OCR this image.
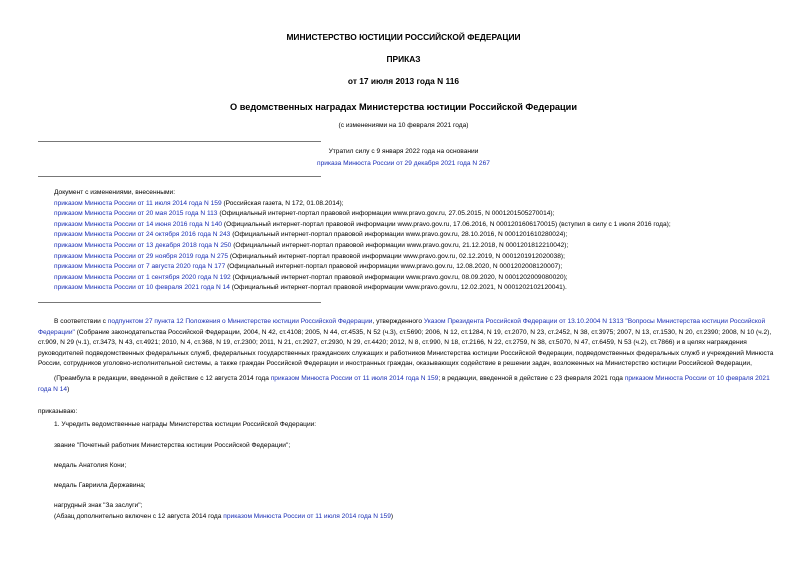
МИНИСТЕРСТВО ЮСТИЦИИ РОССИЙСКОЙ ФЕДЕРАЦИИ
ПРИКАЗ
от 17 июля 2013 года N 116
О ведомственных наградах Министерства юстиции Российской Федерации
(с изменениями на 10 февраля 2021 года)
Утратил силу с 9 января 2022 года на основании
приказа Минюста России от 29 декабря 2021 года N 267
Документ с изменениями, внесенными:
приказом Минюста России от 11 июля 2014 года N 159 (Российская газета, N 172, 01.08.2014);
приказом Минюста России от 20 мая 2015 года N 113 (Официальный интернет-портал правовой информации www.pravo.gov.ru, 27.05.2015, N 0001201505270014);
приказом Минюста России от 14 июня 2016 года N 140 (Официальный интернет-портал правовой информации www.pravo.gov.ru, 17.06.2016, N 0001201606170015) (вступил в силу с 1 июля 2016 года);
приказом Минюста России от 24 октября 2016 года N 243 (Официальный интернет-портал правовой информации www.pravo.gov.ru, 28.10.2016, N 0001201610280024);
приказом Минюста России от 13 декабря 2018 года N 250 (Официальный интернет-портал правовой информации www.pravo.gov.ru, 21.12.2018, N 0001201812210042);
приказом Минюста России от 29 ноября 2019 года N 275 (Официальный интернет-портал правовой информации www.pravo.gov.ru, 02.12.2019, N 0001201912020038);
приказом Минюста России от 7 августа 2020 года N 177 (Официальный интернет-портал правовой информации www.pravo.gov.ru, 12.08.2020, N 0001202008120007);
приказом Минюста России от 1 сентября 2020 года N 192 (Официальный интернет-портал правовой информации www.pravo.gov.ru, 08.09.2020, N 0001202009080020);
приказом Минюста России от 10 февраля 2021 года N 14 (Официальный интернет-портал правовой информации www.pravo.gov.ru, 12.02.2021, N 0001202102120041).

В соответствии с подпунктом 27 пункта 12 Положения о Министерстве юстиции Российской Федерации, утвержденного Указом Президента Российской Федерации от 13.10.2004 N 1313 "Вопросы Министерства юстиции Российской Федерации" (Собрание законодательства Российской Федерации, 2004, N 42, ст.4108; 2005, N 44, ст.4535, N 52 (ч.3), ст.5690; 2006, N 12, ст.1284, N 19, ст.2070, N 23, ст.2452, N 38, ст.3975; 2007, N 13, ст.1530, N 20, ст.2390; 2008, N 10 (ч.2), ст.909, N 29 (ч.1), ст.3473, N 43, ст.4921; 2010, N 4, ст.368, N 19, ст.2300; 2011, N 21, ст.2927, ст.2930, N 29, ст.4420; 2012, N 8, ст.990, N 18, ст.2166, N 22, ст.2759, N 38, ст.5070, N 47, ст.6459, N 53 (ч.2), ст.7866) и в целях награждения руководителей подведомственных федеральных служб, федеральных государственных гражданских служащих и работников Министерства юстиции Российской Федерации, подведомственных федеральных служб и учреждений Минюста России, сотрудников уголовно-исполнительной системы, а также граждан Российской Федерации и иностранных граждан, оказывающих содействие в решении задач, возложенных на Министерство юстиции Российской Федерации,

(Преамбула в редакции, введенной в действие с 12 августа 2014 года приказом Минюста России от 11 июля 2014 года N 159; в редакции, введенной в действие с 23 февраля 2021 года приказом Минюста России от 10 февраля 2021 года N 14)

приказываю:
1. Учредить ведомственные награды Министерства юстиции Российской Федерации:
звание "Почетный работник Министерства юстиции Российской Федерации";
медаль Анатолия Кони;
медаль Гавриила Державина;
нагрудный знак "За заслуги";
(Абзац дополнительно включен с 12 августа 2014 года приказом Минюста России от 11 июля 2014 года N 159)
